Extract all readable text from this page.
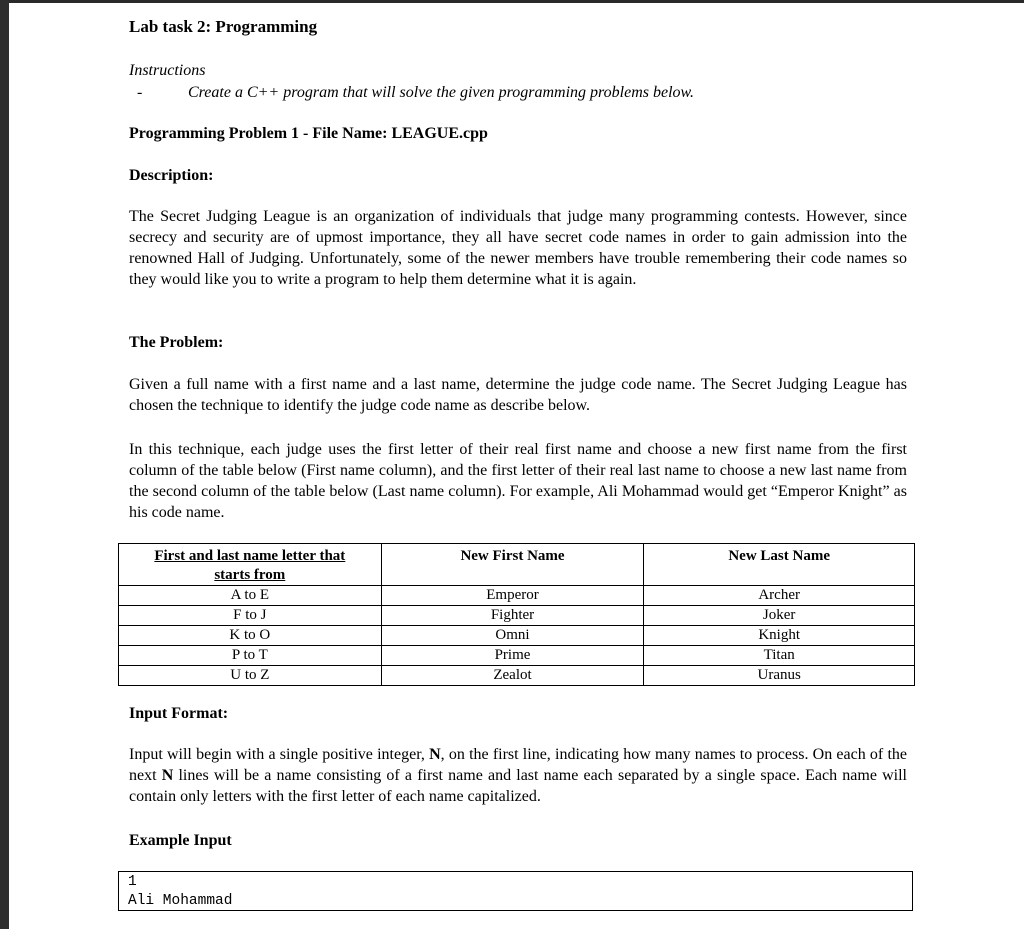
Lab task 2: Programming
Instructions
-	Create a C++ program that will solve the given programming problems below.
Programming Problem 1 - File Name: LEAGUE.cpp
Description:
The Secret Judging League is an organization of individuals that judge many programming contests. However, since secrecy and security are of upmost importance, they all have secret code names in order to gain admission into the renowned Hall of Judging. Unfortunately, some of the newer members have trouble remembering their code names so they would like you to write a program to help them determine what it is again.
The Problem:
Given a full name with a first name and a last name, determine the judge code name. The Secret Judging League has chosen the technique to identify the judge code name as describe below.
In this technique, each judge uses the first letter of their real first name and choose a new first name from the first column of the table below (First name column), and the first letter of their real last name to choose a new last name from the second column of the table below (Last name column). For example, Ali Mohammad would get “Emperor Knight” as his code name.
First and last name letter that starts from	New First Name	New Last Name
A to E	Emperor	Archer
F to J	Fighter	Joker
K to O	Omni	Knight
P to T	Prime	Titan
U to Z	Zealot	Uranus
Input Format:
Input will begin with a single positive integer, N, on the first line, indicating how many names to process. On each of the next N lines will be a name consisting of a first name and last name each separated by a single space. Each name will contain only letters with the first letter of each name capitalized.
Example Input
1
Ali Mohammad
